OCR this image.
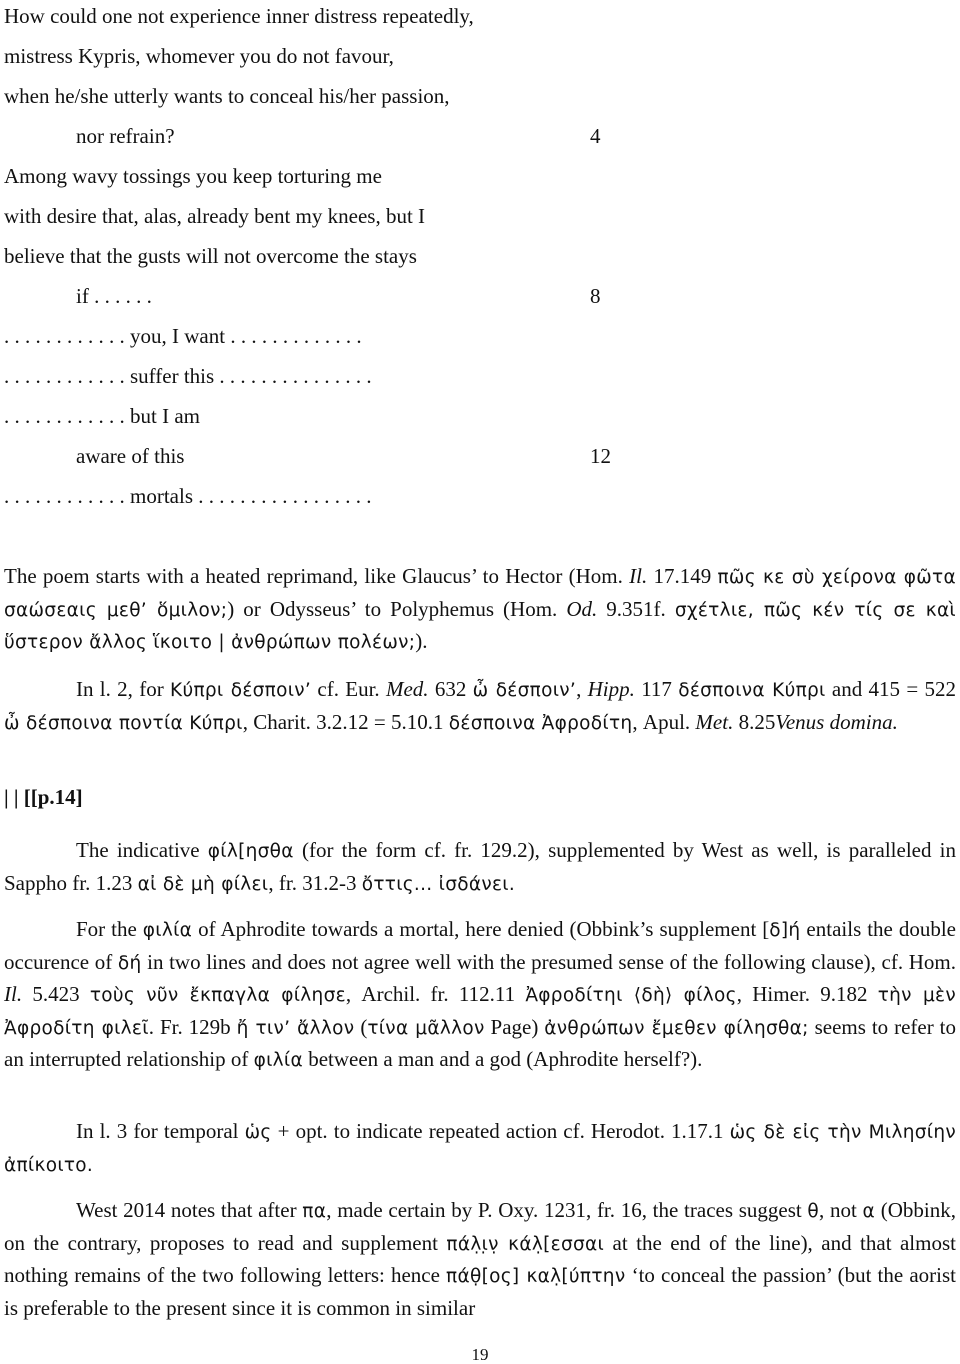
How could one not experience inner distress repeatedly,
mistress Kypris, whomever you do not favour,
when he/she utterly wants to conceal his/her passion,
nor refrain?	4
Among wavy tossings you keep torturing me
with desire that, alas, already bent my knees, but I
believe that the gusts will not overcome the stays
if . . . . . .	8
. . . . . . . . . . . . you, I want . . . . . . . . . . . . .
. . . . . . . . . . . . suffer this . . . . . . . . . . . . . . .
. . . . . . . . . . . . but I am
aware of this	12
. . . . . . . . . . . . mortals . . . . . . . . . . . . . . . . .
The poem starts with a heated reprimand, like Glaucus’ to Hector (Hom. Il. 17.149 πῶς κε σὺ χείρονα φῶτα σαώσεαις μεθ’ ὅμιλον;) or Odysseus’ to Polyphemus (Hom. Od. 9.351f. σχέτλιε, πῶς κέν τίς σε καὶ ὕστερον ἄλλος ἵκοιτο | ἀνθρώπων πολέων;).
In l. 2, for Κύπρι δέσποιν’ cf. Eur. Med. 632 ὦ δέσποιν’, Hipp. 117 δέσποινα Κύπρι and 415 = 522 ὦ δέσποινα ποντία Κύπρι, Charit. 3.2.12 = 5.10.1 δέσποινα Ἀφροδίτη, Apul. Met. 8.25Venus domina.
| | [[p.14]
The indicative φίλ[ησθα (for the form cf. fr. 129.2), supplemented by West as well, is paralleled in Sappho fr. 1.23 αἰ δὲ μὴ φίλει, fr. 31.2-3 ὄττις... ἰσδάνει.
For the φιλία of Aphrodite towards a mortal, here denied (Obbink’s supplement [δ]ή entails the double occurence of δή in two lines and does not agree well with the presumed sense of the following clause), cf. Hom. Il. 5.423 τοὺς νῦν ἔκπαγλα φίλησε, Archil. fr. 112.11 Ἀφροδίτηι ⟨δὴ⟩ φίλος, Himer. 9.182 τὴν μὲν Ἀφροδίτη φιλεῖ. Fr. 129b ἤ τιν’ ἄλλον (τίνα μᾶλλον Page) ἀνθρώπων ἔμεθεν φίλησθα; seems to refer to an interrupted relationship of φιλία between a man and a god (Aphrodite herself?).
In l. 3 for temporal ὡς + opt. to indicate repeated action cf. Herodot. 1.17.1 ὡς δὲ εἰς τὴν Μιλησίην ἀπίκοιτο.
West 2014 notes that after πα, made certain by P. Oxy. 1231, fr. 16, the traces suggest θ, not α (Obbink, on the contrary, proposes to read and supplement πάλ̣ι̣ν̣ κάλ̣[εσσαι at the end of the line), and that almost nothing remains of the two following letters: hence πάθ̣[ος] καλ̣[ύπτην ‘to conceal the passion’ (but the aorist is preferable to the present since it is common in similar
19
